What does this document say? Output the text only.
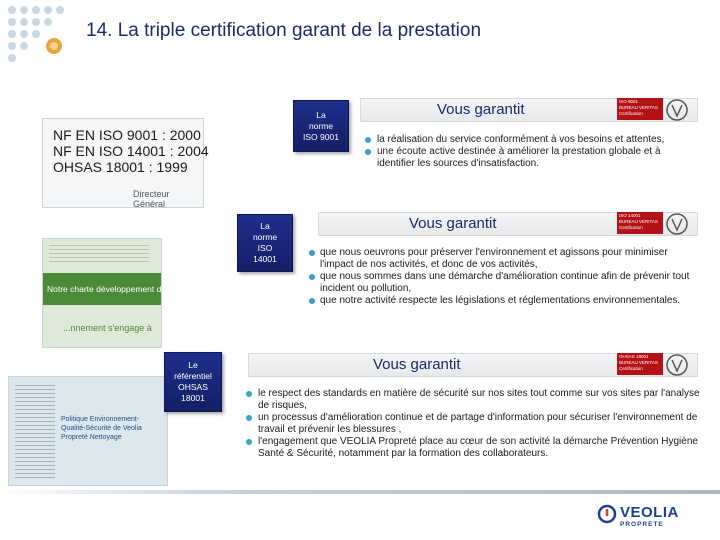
14. La triple certification garant de la prestation
NF EN ISO 9001 : 2000
NF EN ISO 14001 : 2004
OHSAS 18001 : 1999
Directeur Général
Notre charte développement durable
...nnement s'engage à
Politique Environnement-Qualité-Sécurité de Veolia Propreté Nettoyage
La
norme
ISO 9001
Vous garantit	ISO 9001
BUREAU VERITAS
Certification
la réalisation du service conformément à vos besoins et attentes,
une écoute active destinée à améliorer la prestation globale et à identifier les sources d'insatisfaction.
La
norme
ISO
14001
Vous garantit	ISO 14001
BUREAU VERITAS
Certification
que nous oeuvrons pour préserver l'environnement et agissons pour minimiser l'impact de nos activités, et donc de vos activités,
que nous sommes dans une démarche d'amélioration continue afin de prévenir tout incident ou pollution,
que notre activité respecte les législations et réglementations environnementales.
Le
référentiel
OHSAS
18001
Vous garantit	OHSAS 18001
BUREAU VERITAS
Certification
le respect des standards en matière de sécurité sur nos sites tout comme sur vos sites par l'analyse de risques,
un processus d'amélioration continue et de partage d'information pour sécuriser l'environnement de travail et prévenir les blessures ,
l'engagement que VEOLIA Propreté place au cœur de son activité la démarche Prévention Hygiène Santé & Sécurité, notamment par la formation des collaborateurs.
VEOLIA
PROPRETE
